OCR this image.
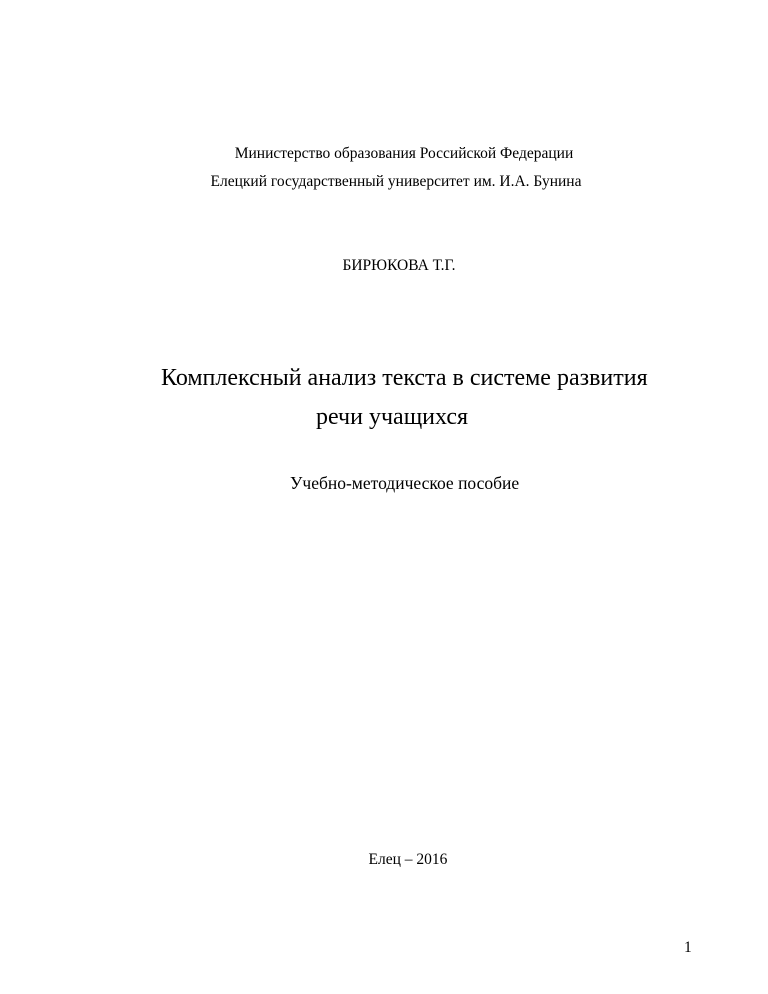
Министерство образования Российской Федерации
Елецкий государственный университет им. И.А. Бунина
БИРЮКОВА Т.Г.
Комплексный анализ текста в системе развития
речи учащихся
Учебно-методическое пособие
Елец – 2016
1
